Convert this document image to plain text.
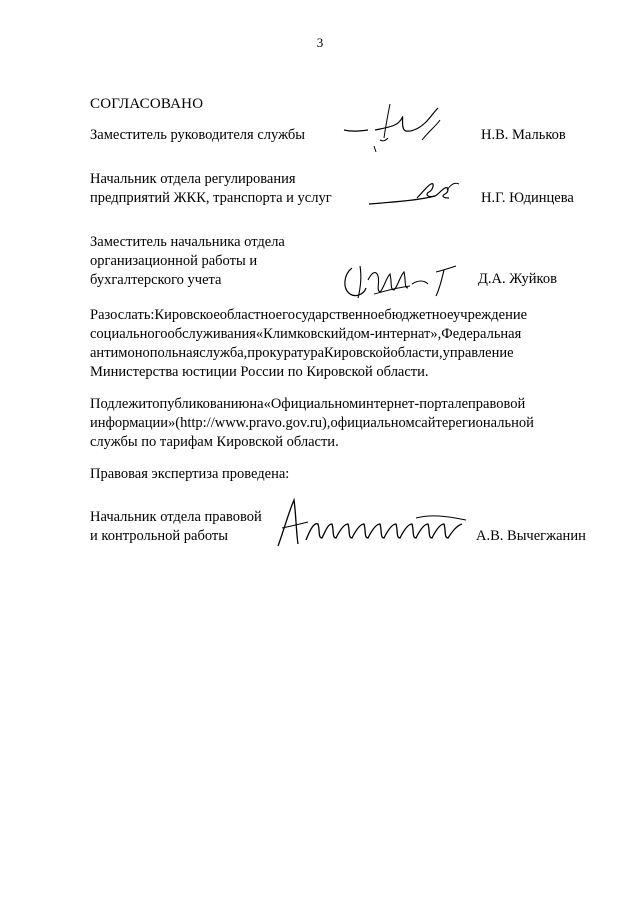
3
СОГЛАСОВАНО
Заместитель руководителя службы	Н.В. Мальков
Начальник отдела регулирования
предприятий ЖКК, транспорта и услуг	Н.Г. Юдинцева
Заместитель начальника отдела
организационной работы и
бухгалтерского учета	Д.А. Жуйков
Разослать:Кировскоеобластноегосударственноебюджетноеучреждение
социальногообслуживания«Климковскийдом-интернат»,Федеральная
антимонопольнаяслужба,прокуратураКировскойобласти,управление
Министерства юстиции России по Кировской области.
Подлежитопубликованиюна«Официальноминтернет-порталеправовой
информации»(http://www.pravo.gov.ru),официальномсайтерегиональной
службы по тарифам Кировской области.
Правовая экспертиза проведена:
Начальник отдела правовой
и контрольной работы	А.В. Вычегжанин
